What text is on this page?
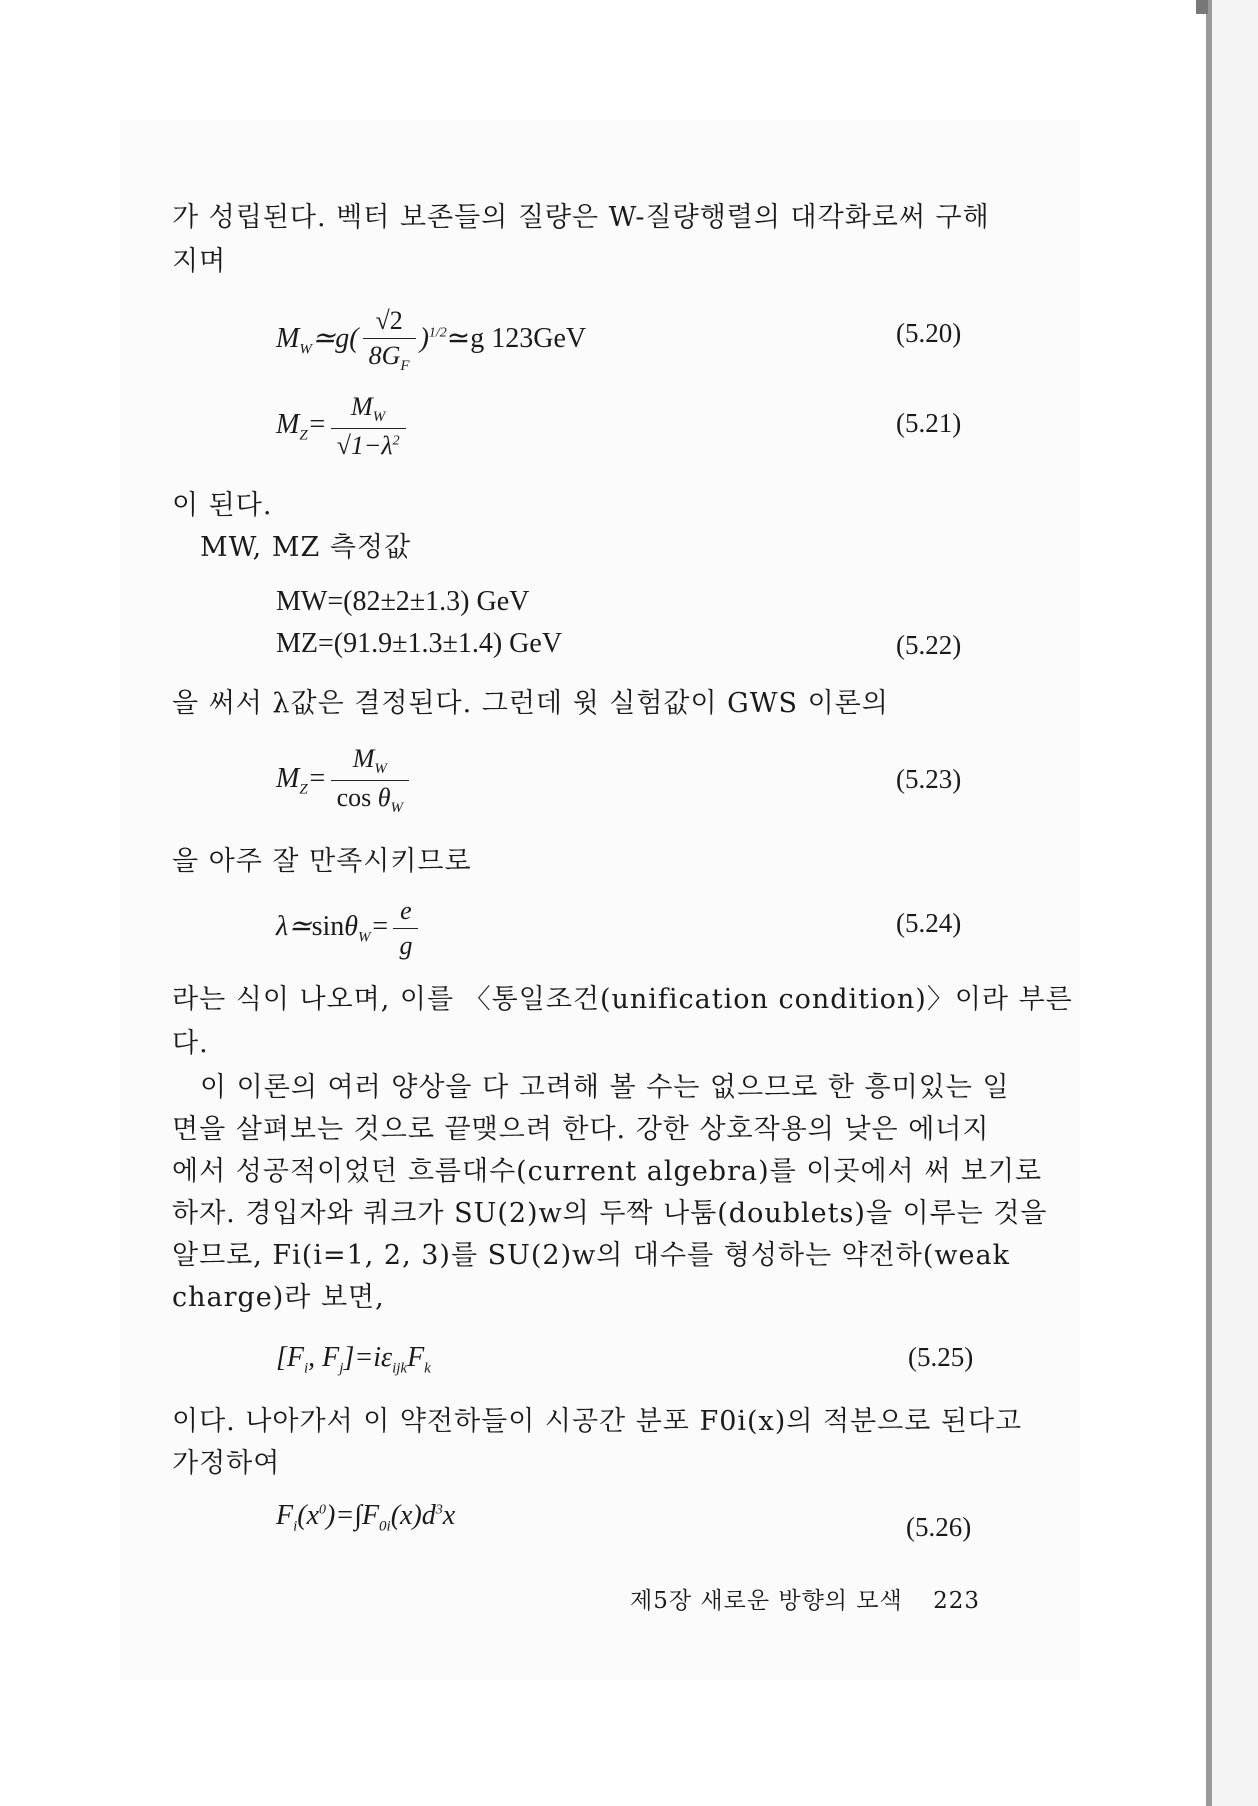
가 성립된다. 벡터 보존들의 질량은 W-질량행렬의 대각화로써 구해
지며
$M_W≃g( \frac{√2}{8G_F}$ )$^{1/2}$≃g 123GeV	(5.20)
$M_Z= \frac{M_W}{√1-\lambda^2}$	(5.21)
이 된다.
MW, MZ 측정값
MW=(82±2±1.3) GeV
MZ=(91.9±1.3±1.4) GeV	(5.22)
을 써서 λ값은 결정된다. 그런데 윗 실험값이 GWS 이론의
$M_Z= \frac{M_W}{\cos \theta_W}$	(5.23)
을 아주 잘 만족시키므로
λ≃sinθ$_W$= $\frac{e}{g}$	(5.24)
라는 식이 나오며, 이를 〈통일조건(unification condition)〉이라 부른
다.
이 이론의 여러 양상을 다 고려해 볼 수는 없으므로 한 흥미있는 일
면을 살펴보는 것으로 끝맺으려 한다. 강한 상호작용의 낮은 에너지
에서 성공적이었던 흐름대수(current algebra)를 이곳에서 써 보기로
하자. 경입자와 쿼크가 SU(2)w의 두짝 나툼(doublets)을 이루는 것을
알므로, Fi(i=1, 2, 3)를 SU(2)w의 대수를 형성하는 약전하(weak
charge)라 보면,
[$F_i$, $F_j]=i\varepsilon_{ijk}F_k$	(5.25)
이다. 나아가서 이 약전하들이 시공간 분포 F0i(x)의 적분으로 된다고
가정하여
$F_i(x^0)=\int F_{0i}(x)d^3x$	(5.26)
제5장 새로운 방향의 모색 223
